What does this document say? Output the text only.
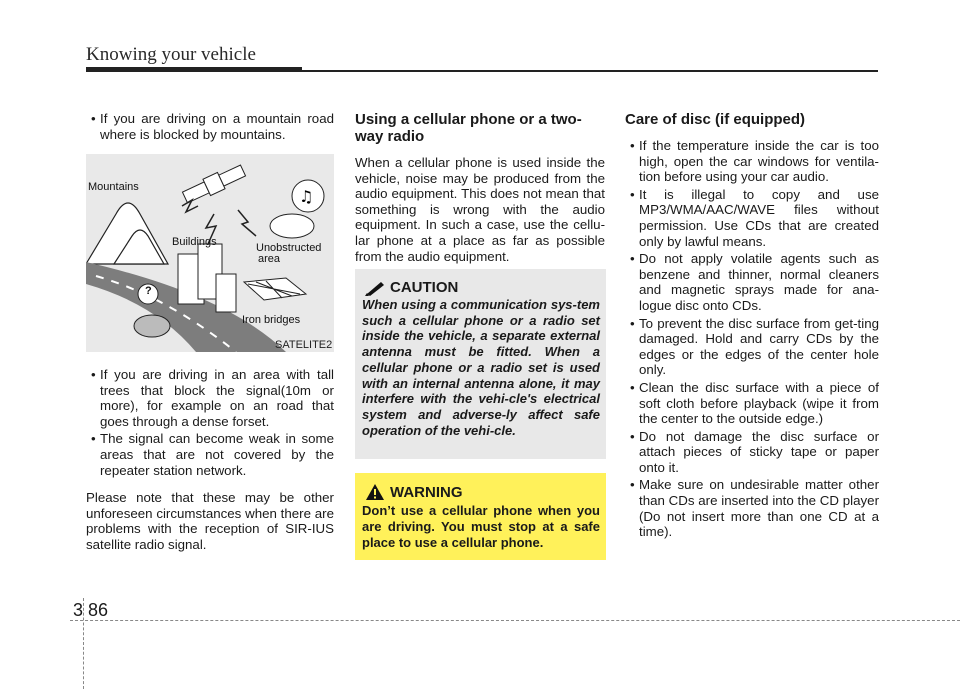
Knowing your vehicle

• If you are driving on a mountain road where is blocked by mountains.

♫
Mountains
Buildings	Unobstructed
area
Iron bridges
?
SATELITE2

• If you are driving in an area with tall trees that block the signal(10m or more), for example on an road that goes through a dense forset.

• The signal can become weak in some areas that are not covered by the repeater station network.

Please note that these may be other unforeseen circumstances when there are problems with the reception of SIR-IUS satellite radio signal.

Using a cellular phone or a two-way radio

When a cellular phone is used inside the vehicle, noise may be produced from the audio equipment. This does not mean that something is wrong with the audio equipment. In such a case, use the cellu-lar phone at a place as far as possible from the audio equipment.

CAUTION
When using a communication sys-tem such a cellular phone or a radio set inside the vehicle, a separate external antenna must be fitted. When a cellular phone or a radio set is used with an internal antenna alone, it may interfere with the vehi-cle's electrical system and adverse-ly affect safe operation of the vehi-cle.
WARNING
Don’t use a cellular phone when you are driving. You must stop at a safe place to use a cellular phone.

Care of disc (if equipped)

• If the temperature inside the car is too high, open the car windows for ventila-tion before using your car audio.

• It is illegal to copy and use MP3/WMA/AAC/WAVE files without permission. Use CDs that are created only by lawful means.

• Do not apply volatile agents such as benzene and thinner, normal cleaners and magnetic sprays made for ana-logue disc onto CDs.

• To prevent the disc surface from get-ting damaged. Hold and carry CDs by the edges or the edges of the center hole only.

• Clean the disc surface with a piece of soft cloth before playback (wipe it from the center to the outside edge.)

• Do not damage the disc surface or attach pieces of sticky tape or paper onto it.

• Make sure on undesirable matter other than CDs are inserted into the CD player (Do not insert more than one CD at a time).

3 86
